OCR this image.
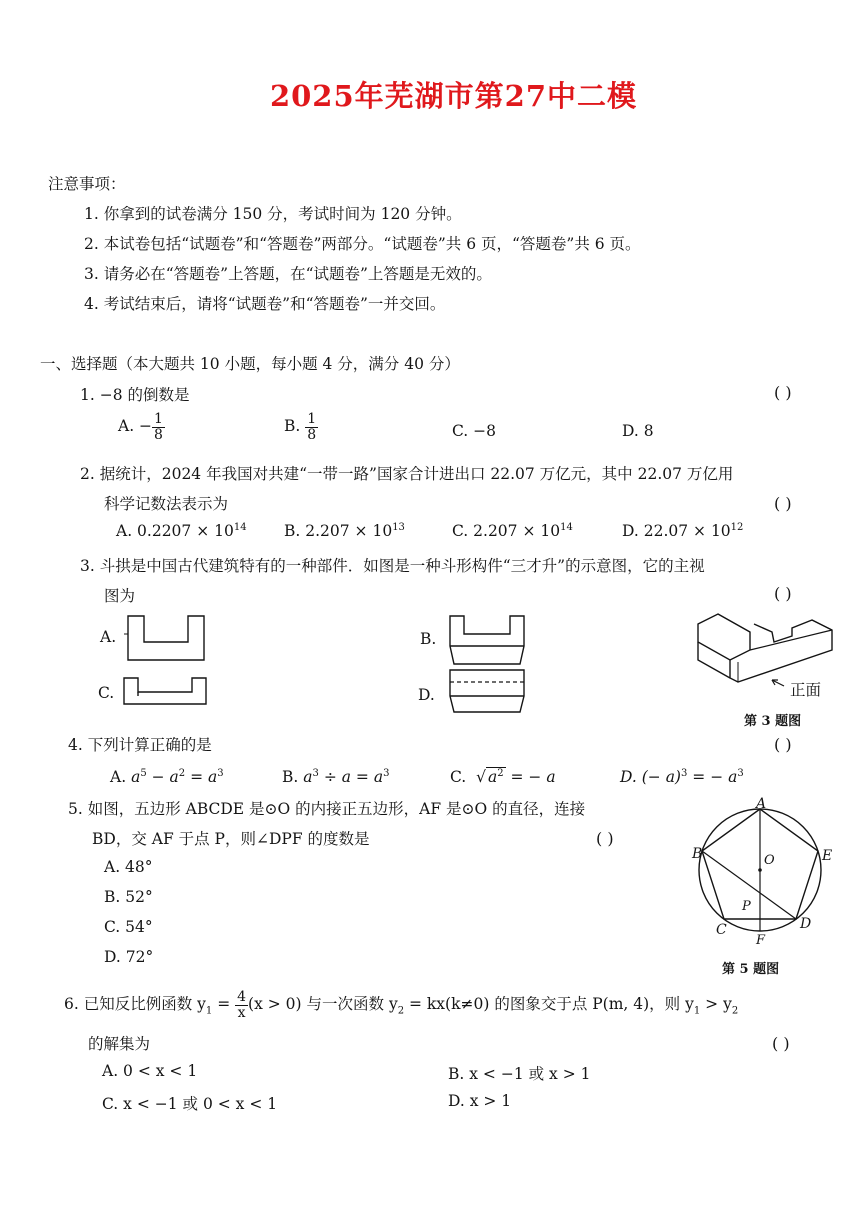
2025年芜湖市第27中二模
注意事项：
1. 你拿到的试卷满分 150 分，考试时间为 120 分钟。
2. 本试卷包括“试题卷”和“答题卷”两部分。“试题卷”共 6 页，“答题卷”共 6 页。
3. 请务必在“答题卷”上答题，在“试题卷”上答题是无效的。
4. 考试结束后，请将“试题卷”和“答题卷”一并交回。
一、选择题（本大题共 10 小题，每小题 4 分，满分 40 分）
1. −8 的倒数是	( )
A. − $\frac{1}{8}$	B. $\frac{1}{8}$	C. −8	D. 8
2. 据统计，2024 年我国对共建“一带一路”国家合计进出口 22.07 万亿元，其中 22.07 万亿用
科学记数法表示为	( )
A. $0.2207 \times 10^{14}$ B. $2.207 \times 10^{13}$	C. $2.207 \times 10^{14}$	D. $22.07 \times 10^{12}$
3. 斗拱是中国古代建筑特有的一种部件．如图是一种斗形构件“三才升”的示意图，它的主视
图为	( )
A.	B.
C.	D.	正面
第 3 题图
4. 下列计算正确的是	( )
A. $a^5 - a^2 = a^3$	B. $a^3 \div a = a^3$	C.  √ $a^2$ = − a	D. (− a)$^3$ = − $a^3$
5. 如图，五边形 ABCDE 是⊙O 的内接正五边形，AF 是⊙O 的直径，连接
BD，交 AF 于点 P，则∠DPF 的度数是	( )
A. 48°
B. 52°
C. 54°
D. 72°
A
B
C	D
E
F
O
P
第 5 题图
6. 已知反比例函数 $y_1 = \frac{4}{x} (x > 0)$ 与一次函数 $y_2 = kx(k\ne 0)$ 的图象交于点 P(m, 4)，则 $y_1 > y_2$
的解集为	( )
A. 0 < x < 1	B. x < −1 或 x > 1
C. x < −1 或 0 < x < 1	D. x > 1
